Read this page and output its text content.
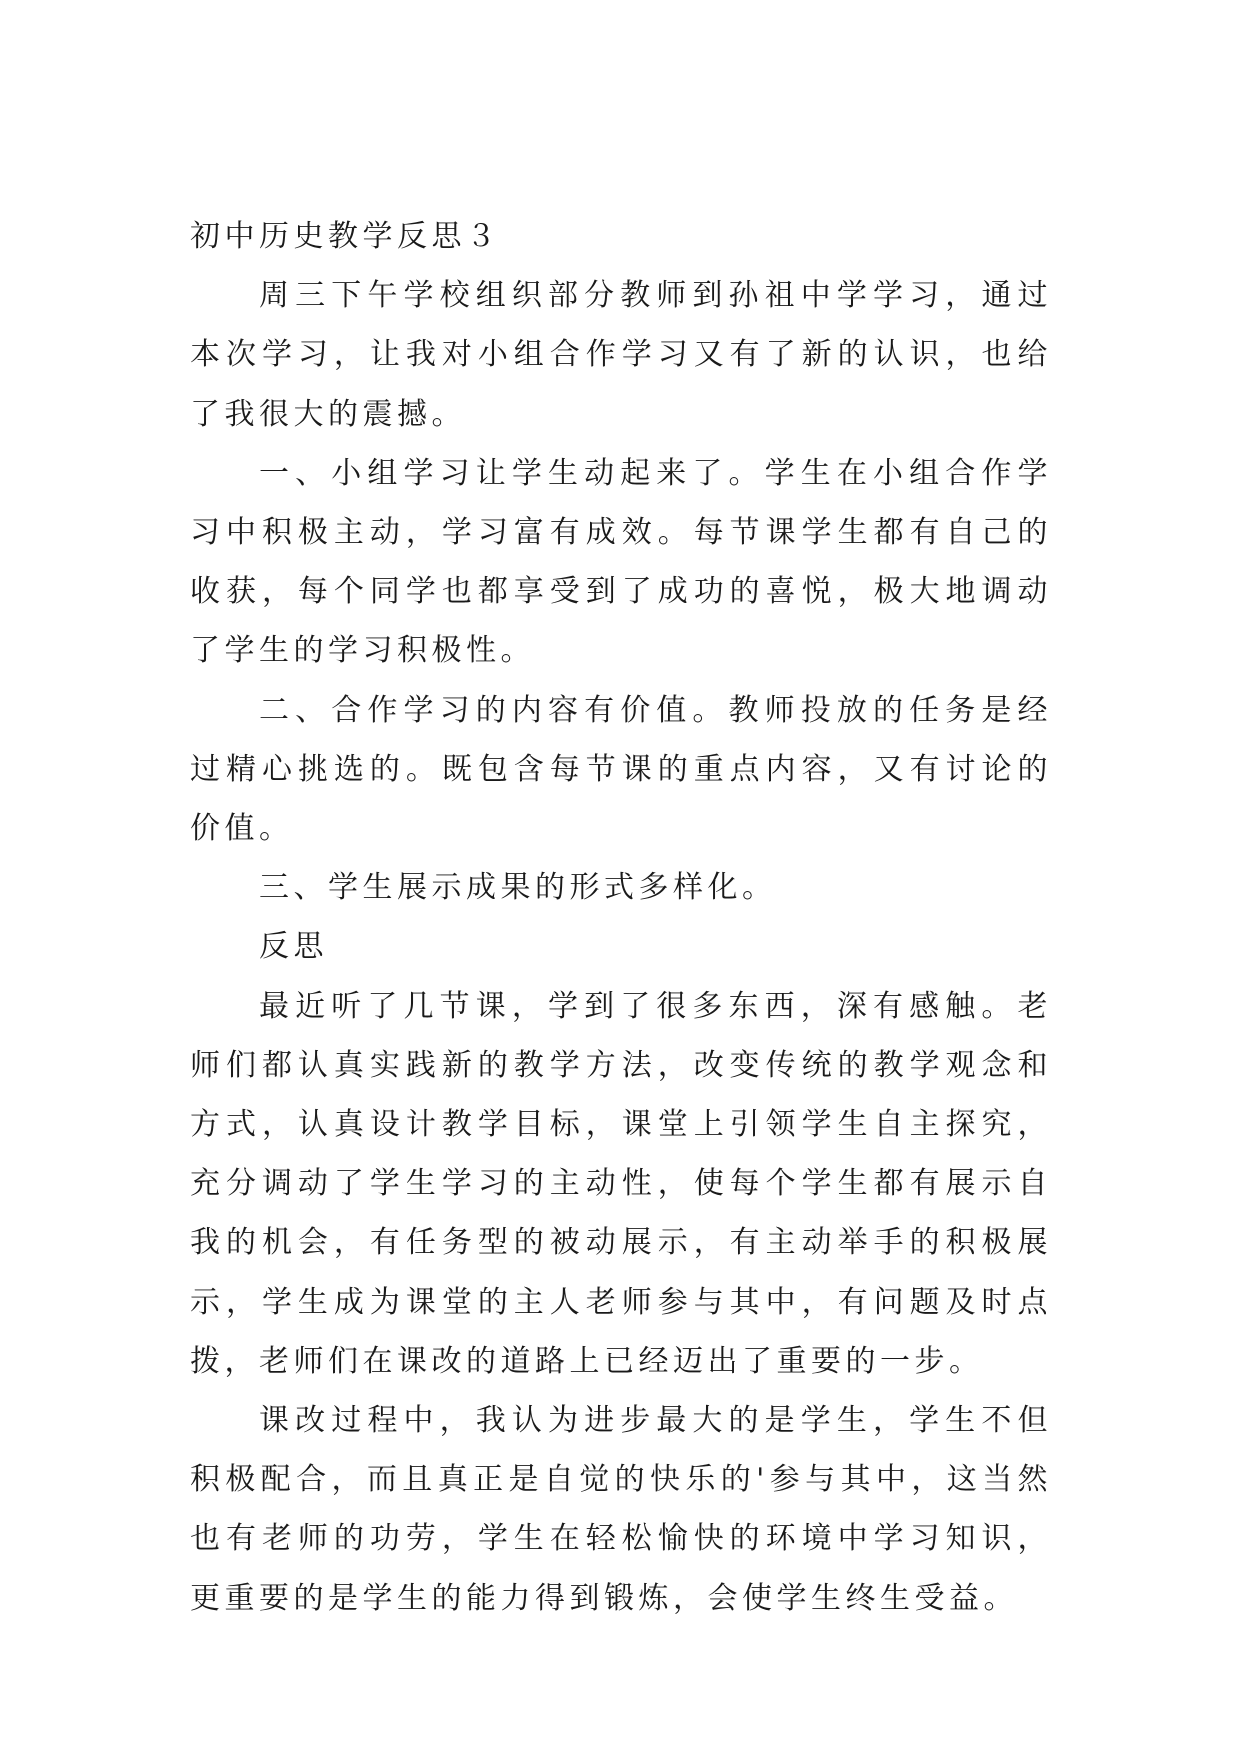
初中历史教学反思３

周三下午学校组织部分教师到孙祖中学学习，通过本次学习，让我对小组合作学习又有了新的认识，也给了我很大的震撼。

一、小组学习让学生动起来了。学生在小组合作学习中积极主动，学习富有成效。每节课学生都有自己的收获，每个同学也都享受到了成功的喜悦，极大地调动了学生的学习积极性。

二、合作学习的内容有价值。教师投放的任务是经过精心挑选的。既包含每节课的重点内容，又有讨论的价值。

三、学生展示成果的形式多样化。

反思

最近听了几节课，学到了很多东西，深有感触。老师们都认真实践新的教学方法，改变传统的教学观念和方式，认真设计教学目标，课堂上引领学生自主探究，充分调动了学生学习的主动性，使每个学生都有展示自我的机会，有任务型的被动展示，有主动举手的积极展示，学生成为课堂的主人老师参与其中，有问题及时点拨，老师们在课改的道路上已经迈出了重要的一步。

课改过程中，我认为进步最大的是学生，学生不但积极配合，而且真正是自觉的快乐的'参与其中，这当然也有老师的功劳，学生在轻松愉快的环境中学习知识，更重要的是学生的能力得到锻炼，会使学生终生受益。
